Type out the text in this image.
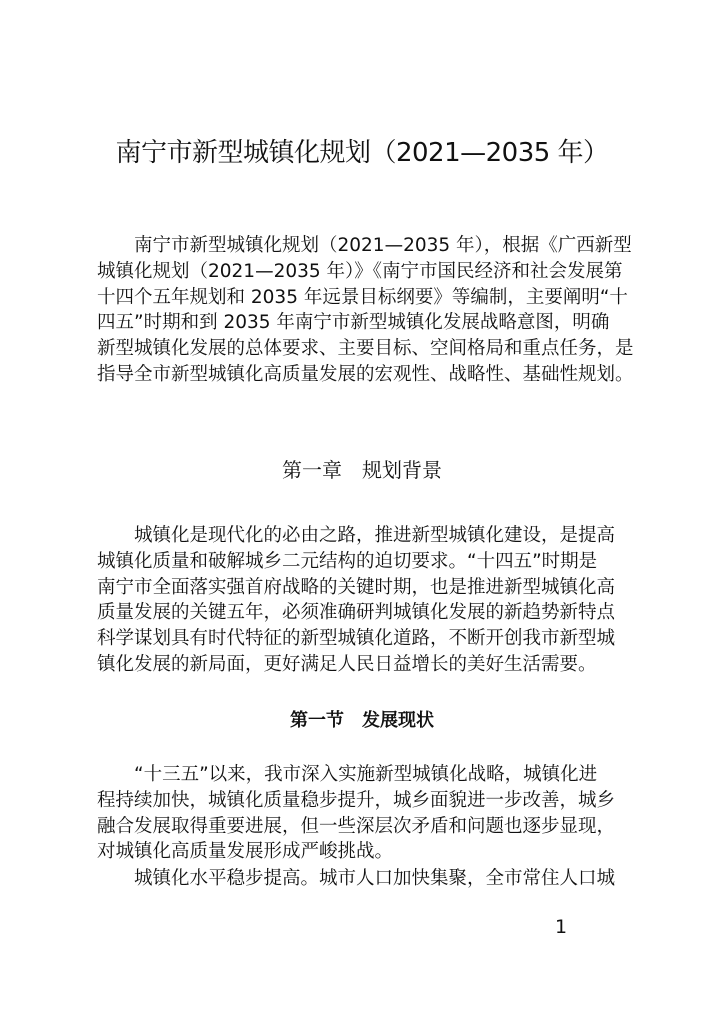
南宁市新型城镇化规划（2021—2035 年）
　　南宁市新型城镇化规划（2021—2035 年），根据《广西新型
城镇化规划（2021—2035 年）》《南宁市国民经济和社会发展第
十四个五年规划和 2035 年远景目标纲要》等编制，主要阐明“十
四五”时期和到 2035 年南宁市新型城镇化发展战略意图，明确
新型城镇化发展的总体要求、主要目标、空间格局和重点任务，是
指导全市新型城镇化高质量发展的宏观性、战略性、基础性规划。
第一章　规划背景
　　城镇化是现代化的必由之路，推进新型城镇化建设，是提高
城镇化质量和破解城乡二元结构的迫切要求。“十四五”时期是
南宁市全面落实强首府战略的关键时期，也是推进新型城镇化高
质量发展的关键五年，必须准确研判城镇化发展的新趋势新特点
科学谋划具有时代特征的新型城镇化道路，不断开创我市新型城
镇化发展的新局面，更好满足人民日益增长的美好生活需要。
第一节　发展现状
　　“十三五”以来，我市深入实施新型城镇化战略，城镇化进
程持续加快，城镇化质量稳步提升，城乡面貌进一步改善，城乡
融合发展取得重要进展，但一些深层次矛盾和问题也逐步显现，
对城镇化高质量发展形成严峻挑战。
　　城镇化水平稳步提高。城市人口加快集聚，全市常住人口城
1
